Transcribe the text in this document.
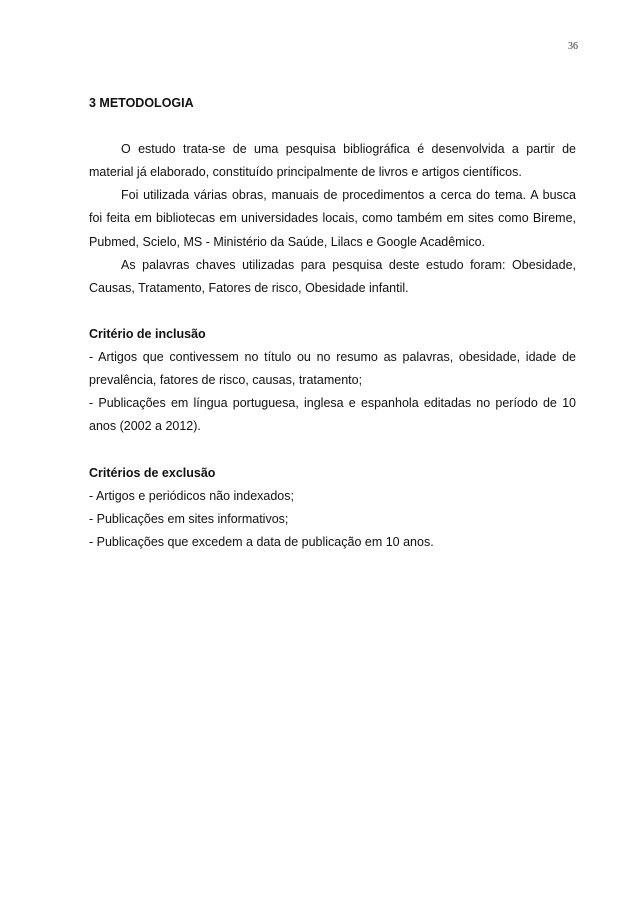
36
3 METODOLOGIA

O estudo trata-se de uma pesquisa bibliográfica é desenvolvida a partir de material já elaborado, constituído principalmente de livros e artigos científicos.

Foi utilizada várias obras, manuais de procedimentos a cerca do tema. A busca foi feita em bibliotecas em universidades locais, como também em sites como Bireme, Pubmed, Scielo, MS - Ministério da Saúde, Lilacs e Google Acadêmico.

As palavras chaves utilizadas para pesquisa deste estudo foram: Obesidade, Causas, Tratamento, Fatores de risco, Obesidade infantil.

Critério de inclusão

- Artigos que contivessem no título ou no resumo as palavras, obesidade, idade de prevalência, fatores de risco, causas, tratamento;

- Publicações em língua portuguesa, inglesa e espanhola editadas no período de 10 anos (2002 a 2012).

Critérios de exclusão

- Artigos e periódicos não indexados;

- Publicações em sites informativos;

- Publicações que excedem a data de publicação em 10 anos.
